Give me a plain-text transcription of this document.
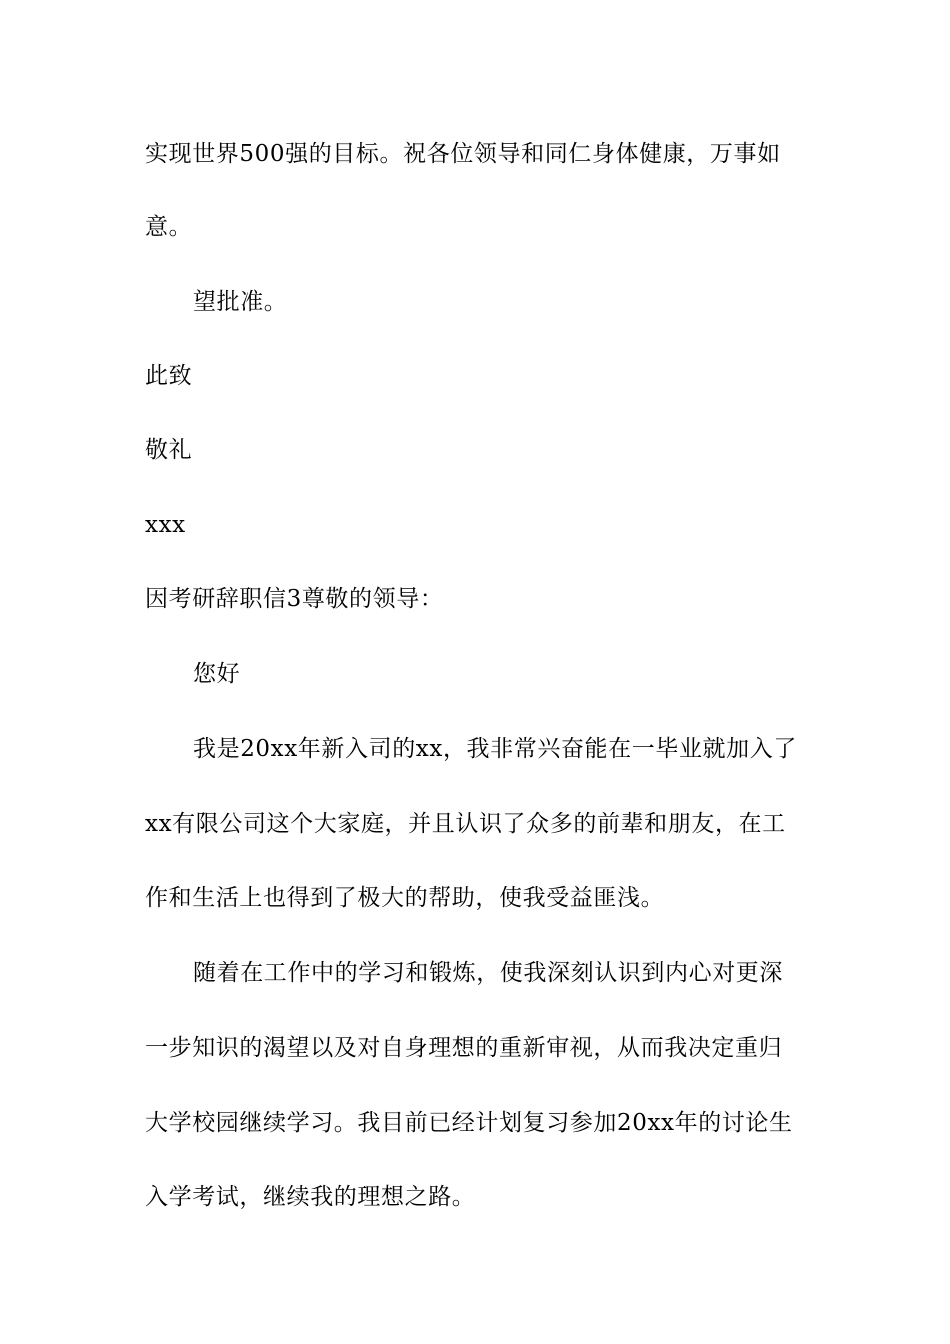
实现世界500强的目标。祝各位领导和同仁身体健康，万事如
意。
望批准。
此致
敬礼
xxx
因考研辞职信3尊敬的领导：
您好
我是20xx年新入司的xx，我非常兴奋能在一毕业就加入了
xx有限公司这个大家庭，并且认识了众多的前辈和朋友，在工
作和生活上也得到了极大的帮助，使我受益匪浅。
随着在工作中的学习和锻炼，使我深刻认识到内心对更深
一步知识的渴望以及对自身理想的重新审视，从而我决定重归
大学校园继续学习。我目前已经计划复习参加20xx年的讨论生
入学考试，继续我的理想之路。
